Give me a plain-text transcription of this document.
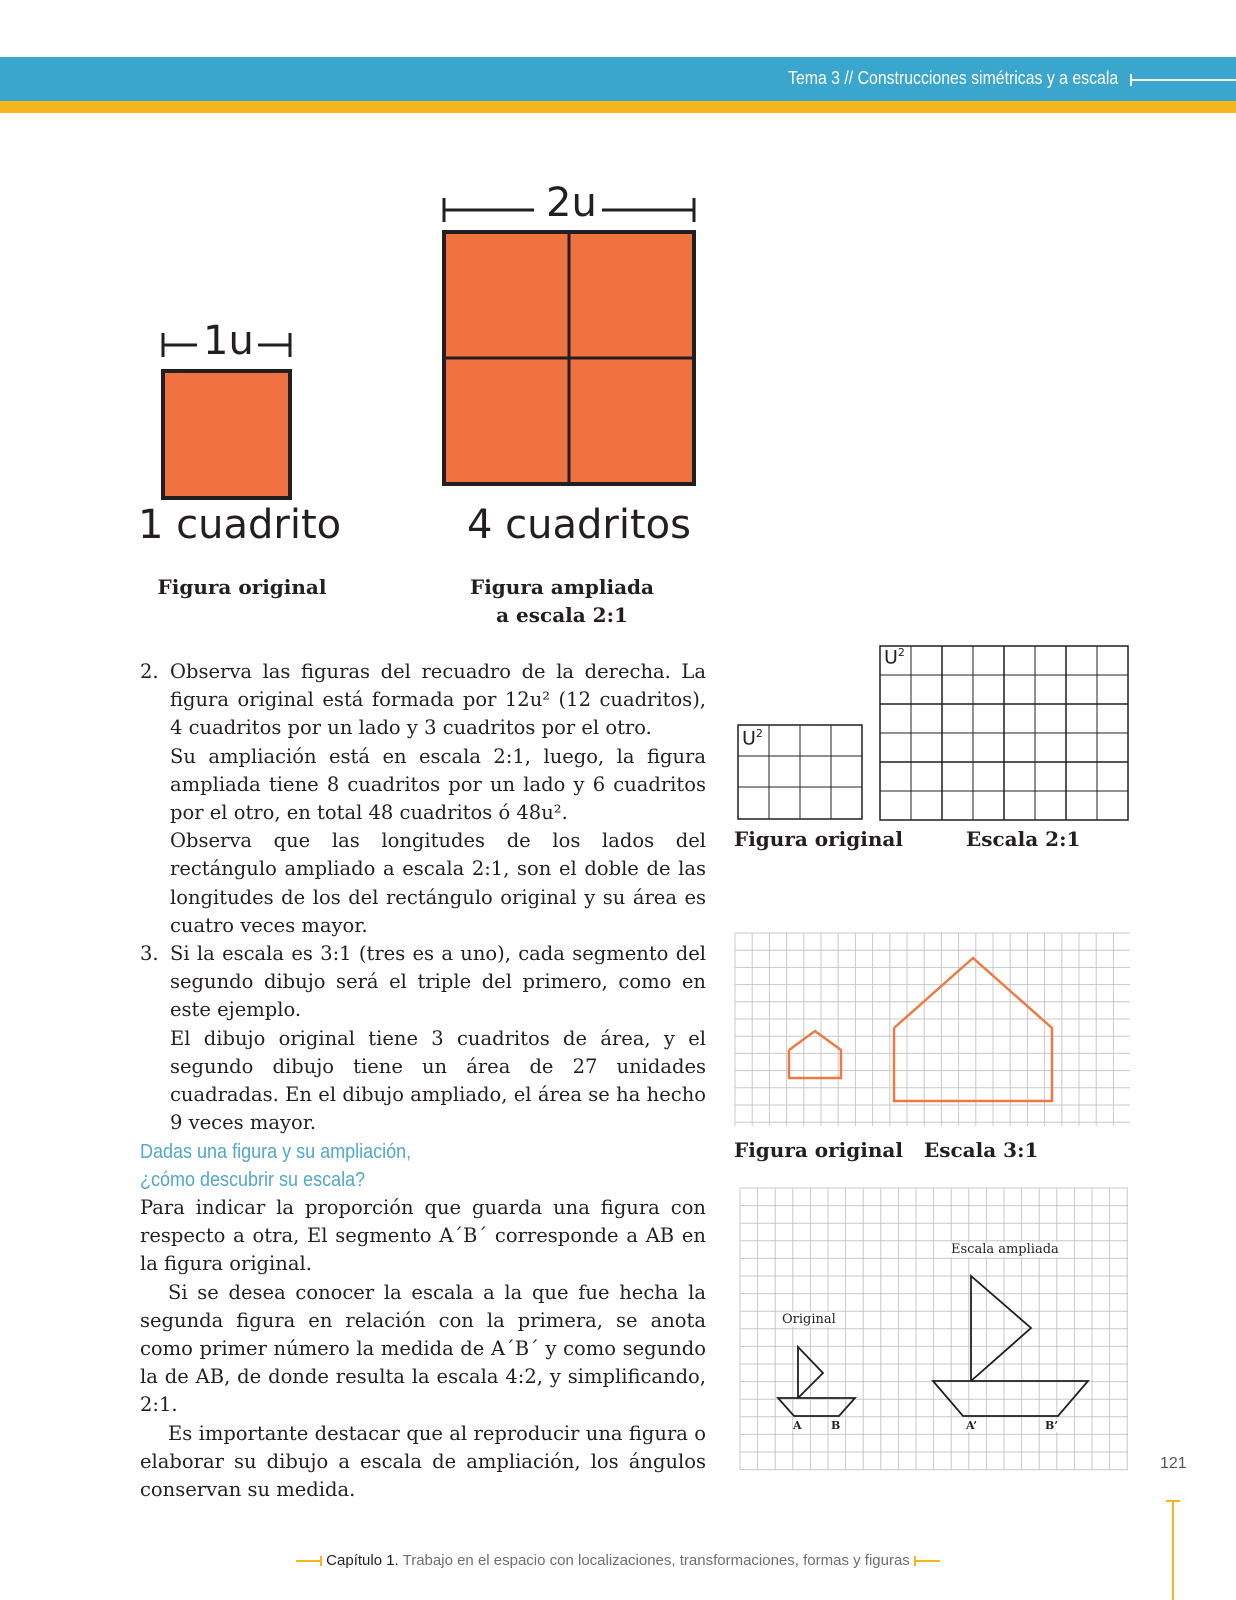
Tema 3 // Construcciones simétricas y a escala
1u
2u
1 cuadrito	4 cuadritos
Figura original	Figura ampliada
a escala 2:1
2. Observa las figuras del recuadro de la derecha. La figura original está formada por 12u² (12 cuadritos), 4 cuadritos por un lado y 3 cuadritos por el otro.

Su ampliación está en escala 2:1, luego, la figura ampliada tiene 8 cuadritos por un lado y 6 cuadritos por el otro, en total 48 cuadritos ó 48u².

Observa que las longitudes de los lados del rectángulo ampliado a escala 2:1, son el doble de las longitudes de los del rectángulo original y su área es cuatro veces mayor.

3. Si la escala es 3:1 (tres es a uno), cada segmento del segundo dibujo será el triple del primero, como en este ejemplo.

El dibujo original tiene 3 cuadritos de área, y el segundo dibujo tiene un área de 27 unidades cuadradas. En el dibujo ampliado, el área se ha hecho 9 veces mayor.

Dadas una figura y su ampliación,
¿cómo descubrir su escala?

Para indicar la proporción que guarda una figura con respecto a otra, El segmento A´B´ corresponde a AB en la figura original.

Si se desea conocer la escala a la que fue hecha la segunda figura en relación con la primera, se anota como primer número la medida de A´B´ y como segundo la de AB, de donde resulta la escala 4:2, y simplificando, 2:1.

Es importante destacar que al reproducir una figura o elaborar su dibujo a escala de ampliación, los ángulos conservan su medida.

$U^2$
$U^2$
Figura original	Escala 2:1
Figura original Escala 3:1
Original
Escala ampliada
A	B	A’	B’
121
Capítulo 1. Trabajo en el espacio con localizaciones, transformaciones, formas y figuras
